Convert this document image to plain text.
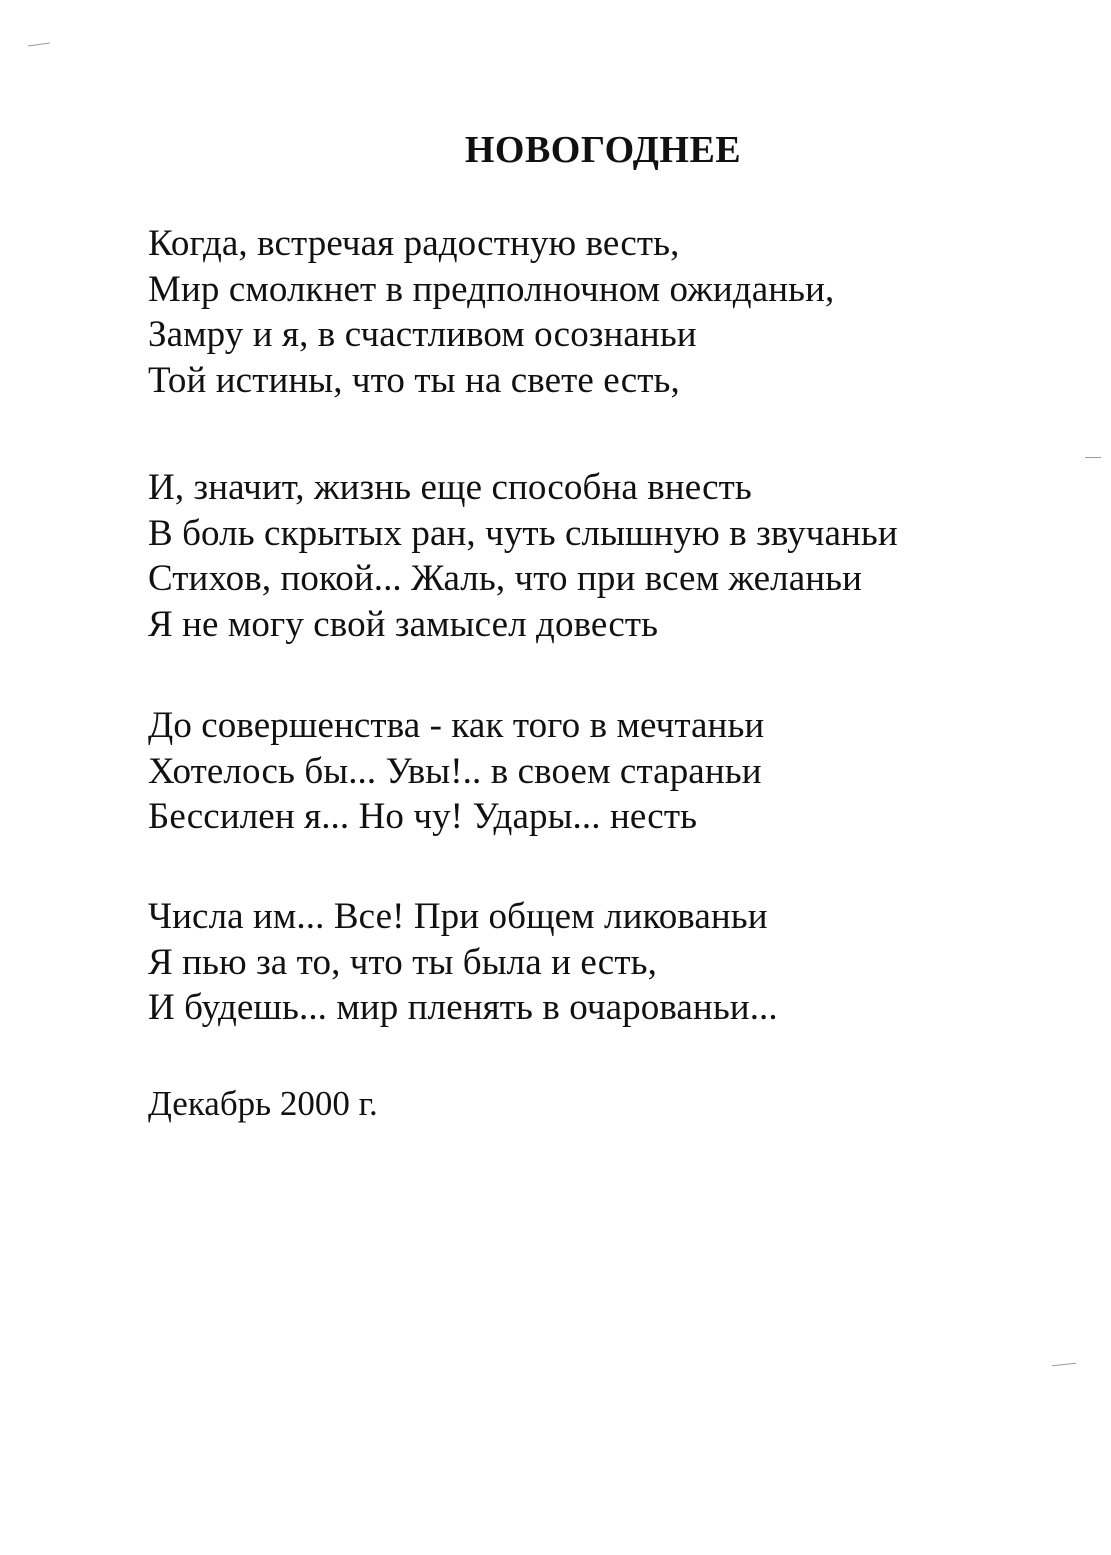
НОВОГОДНЕЕ
Когда, встречая радостную весть,
Мир смолкнет в предполночном ожиданьи,
Замру и я, в счастливом осознаньи
Той истины, что ты на свете есть,
И, значит, жизнь еще способна внесть
В боль скрытых ран, чуть слышную в звучаньи
Стихов, покой... Жаль, что при всем желаньи
Я не могу свой замысел довесть
До совершенства - как того в мечтаньи
Хотелось бы... Увы!.. в своем стараньи
Бессилен я... Но чу! Удары... несть
Числа им... Все! При общем ликованьи
Я пью за то, что ты была и есть,
И будешь... мир пленять в очарованьи...
Декабрь 2000 г.
